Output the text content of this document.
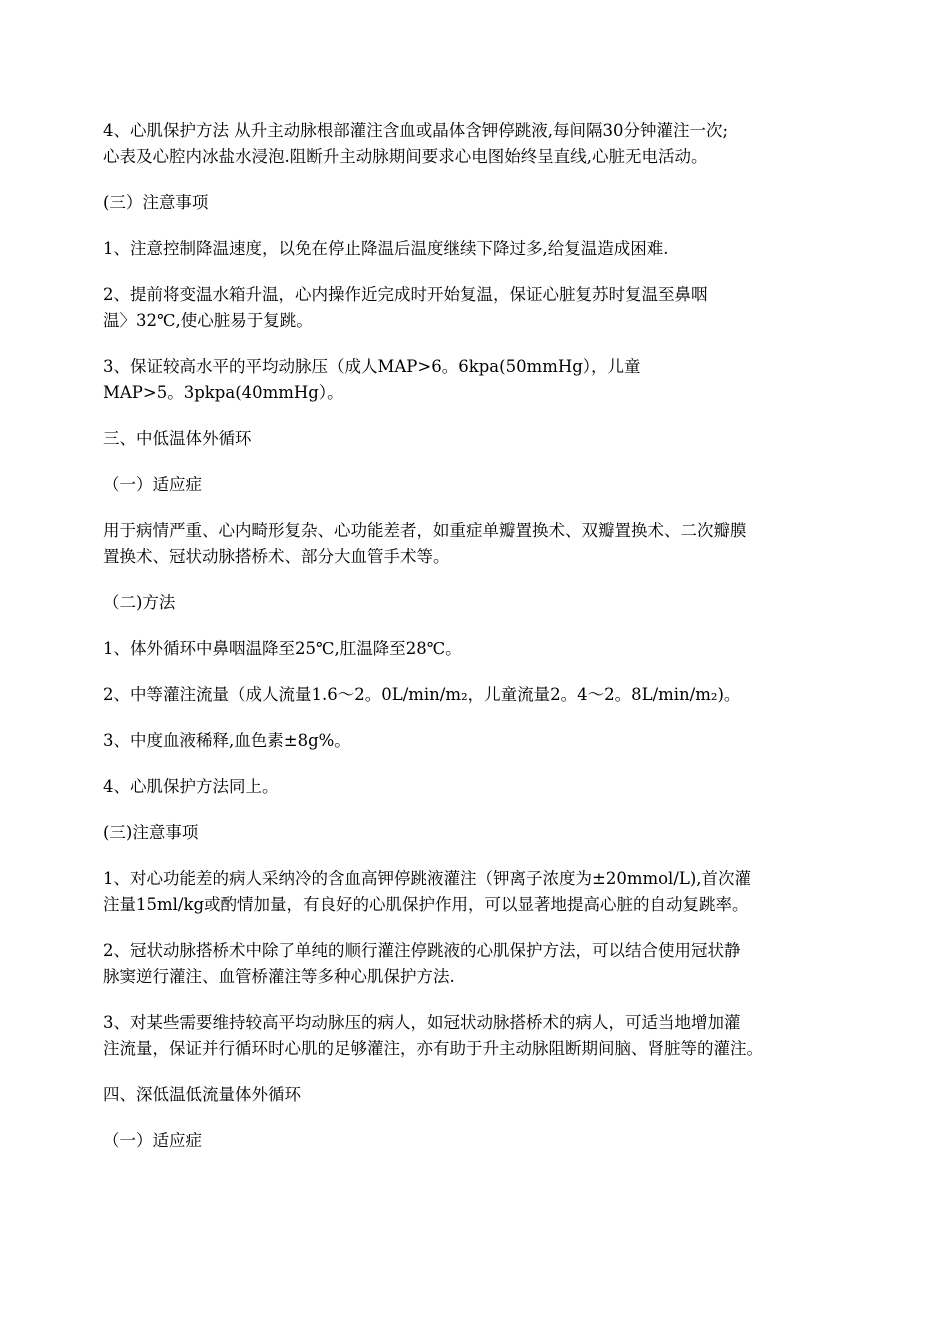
4、心肌保护方法 从升主动脉根部灌注含血或晶体含钾停跳液,每间隔30分钟灌注一次;
心表及心腔内冰盐水浸泡.阻断升主动脉期间要求心电图始终呈直线,心脏无电活动。

(三）注意事项

1、注意控制降温速度，以免在停止降温后温度继续下降过多,给复温造成困难.

2、提前将变温水箱升温，心内操作近完成时开始复温，保证心脏复苏时复温至鼻咽
温〉32℃,使心脏易于复跳。

3、保证较高水平的平均动脉压（成人MAP>6。6kpa(50mmHg），儿童
MAP>5。3pkpa(40mmHg）。

三、中低温体外循环

（一）适应症

用于病情严重、心内畸形复杂、心功能差者，如重症单瓣置换术、双瓣置换术、二次瓣膜
置换术、冠状动脉搭桥术、部分大血管手术等。

（二)方法

1、体外循环中鼻咽温降至25℃,肛温降至28℃。

2、中等灌注流量（成人流量1.6～2。0L/min/m₂，儿童流量2。4～2。8L/min/m₂)。

3、中度血液稀释,血色素±8g%。

4、心肌保护方法同上。

(三)注意事项

1、对心功能差的病人采纳冷的含血高钾停跳液灌注（钾离子浓度为±20mmol/L),首次灌
注量15ml/kg或酌情加量，有良好的心肌保护作用，可以显著地提高心脏的自动复跳率。

2、冠状动脉搭桥术中除了单纯的顺行灌注停跳液的心肌保护方法，可以结合使用冠状静
脉窦逆行灌注、血管桥灌注等多种心肌保护方法.

3、对某些需要维持较高平均动脉压的病人，如冠状动脉搭桥术的病人，可适当地增加灌
注流量，保证并行循环时心肌的足够灌注，亦有助于升主动脉阻断期间脑、肾脏等的灌注。

四、深低温低流量体外循环

（一）适应症
